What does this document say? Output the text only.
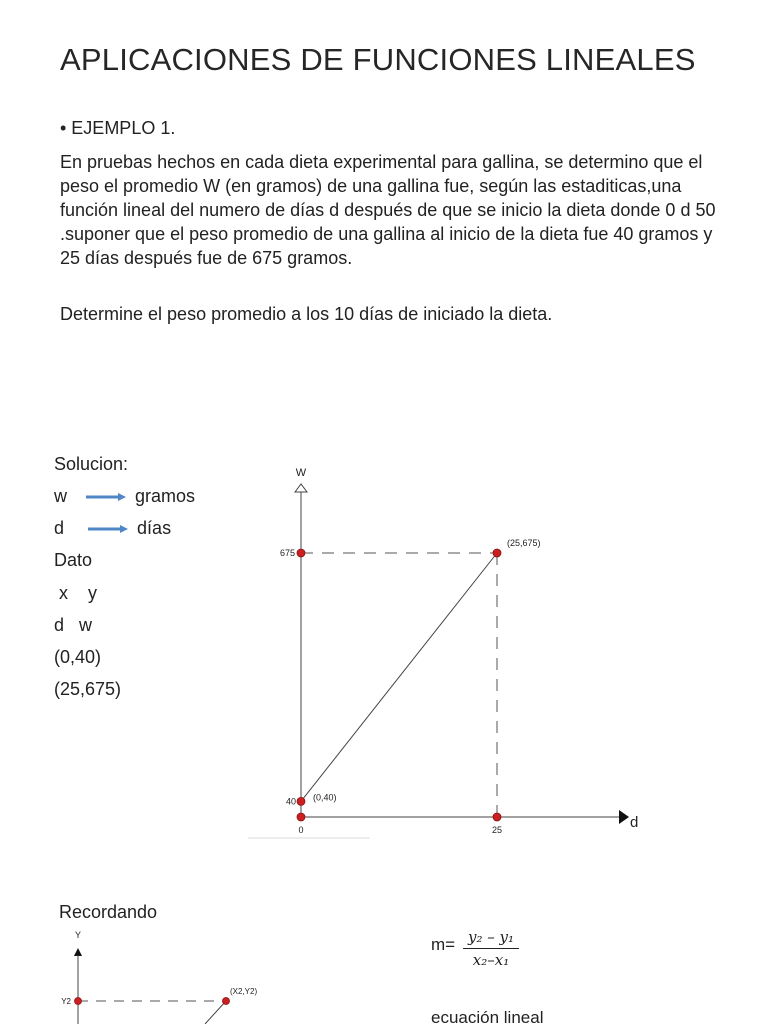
APLICACIONES DE FUNCIONES LINEALES
• EJEMPLO 1.
En pruebas hechos en cada dieta experimental para gallina, se determino que el peso el promedio W (en gramos) de una gallina fue, según las estaditicas,una función lineal del numero de días d después de que se inicio la dieta donde 0 d 50 .suponer que el peso promedio de una gallina al inicio de la dieta fue 40 gramos y 25 días después fue de 675 gramos.
Determine el peso promedio a los 10 días de iniciado la dieta.
Solucion:
w	gramos
d	días
Dato
x    y
d   w
(0,40)
(25,675)
W
d
40
675
0	25
(0,40)
(25,675)
Recordando
Y
Y2
(X2,Y2)
$m= \frac{\text{y₂ – y₁}}{\text{x₂–x₁}}$
ecuación lineal
